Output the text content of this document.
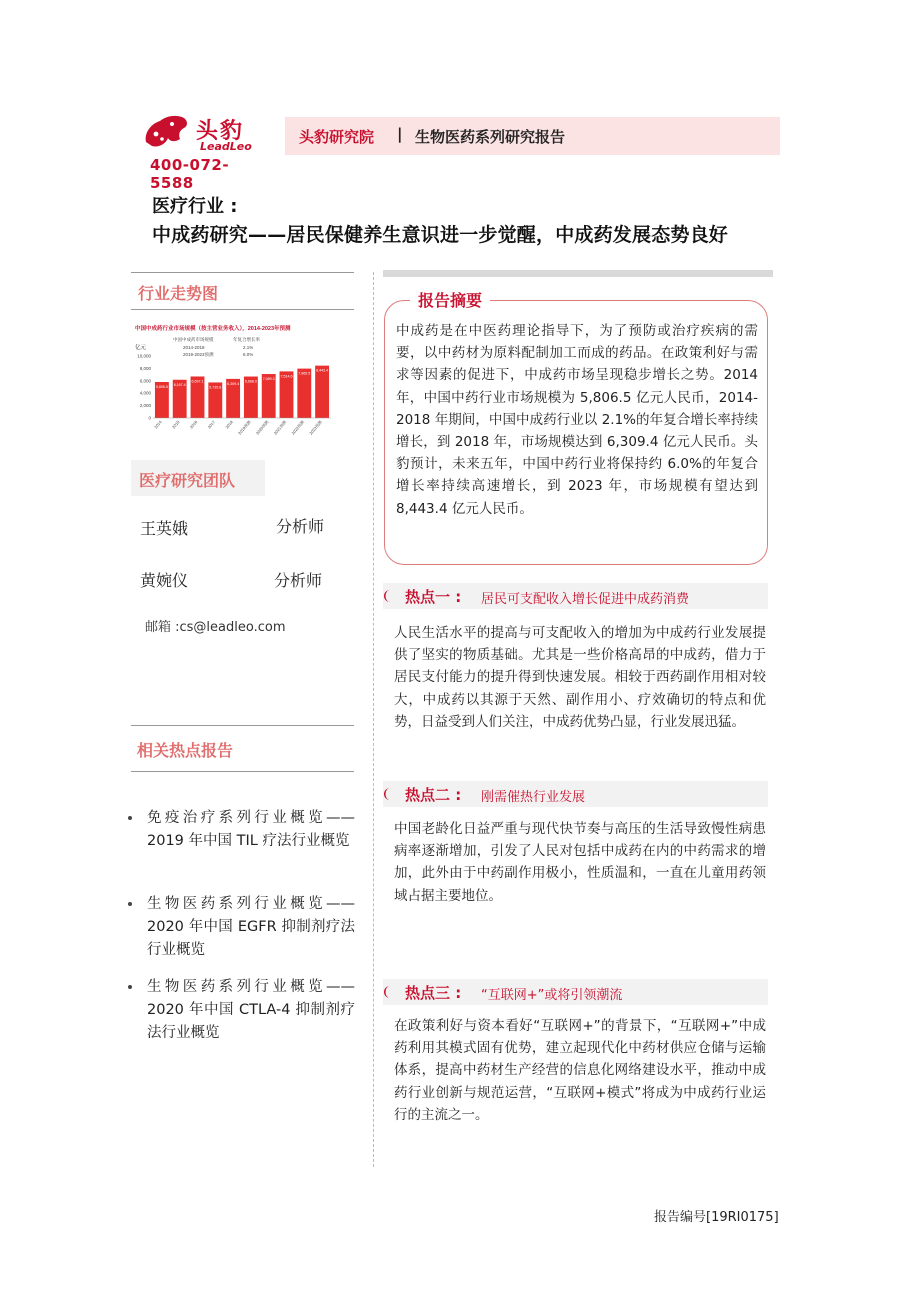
头豹
LeadLeo
400-072-5588
头豹研究院 | 生物医药系列研究报告
医疗行业 :
中成药研究——居民保健养生意识进一步觉醒，中成药发展态势良好
行业走势图
中国中成药行业市场规模（按主营业务收入），2014-2023年预测
亿元
中国中成药市场规模	年复合增长率
2014-2018	2.1%
2019-2023预测	6.0%
10,000
8,000
6,000
4,000
2,000
0
5,806.5
6,167.4
6,697.1
5,735.8
6,309.4
6,688.0
7,089.3
7,514.6
7,965.5
8,443.4
2014 2015 2016 2017 2018 2019预测 2020预测 2021预测 2022预测 2023预测
医疗研究团队
王英娥	分析师
黄婉仪	分析师
邮箱 :cs@leadleo.com
相关热点报告
免疫治疗系列行业概览——2019 年中国 TIL 疗法行业概览
生物医药系列行业概览——2020 年中国 EGFR 抑制剂疗法行业概览
生物医药系列行业概览——2020 年中国 CTLA-4 抑制剂疗法行业概览
报告摘要
中成药是在中医药理论指导下，为了预防或治疗疾病的需要，以中药材为原料配制加工而成的药品。在政策利好与需求等因素的促进下，中成药市场呈现稳步增长之势。2014 年，中国中药行业市场规模为 5,806.5 亿元人民币，2014-2018 年期间，中国中成药行业以 2.1%的年复合增长率持续增长，到 2018 年，市场规模达到 6,309.4 亿元人民币。头豹预计，未来五年，中国中药行业将保持约 6.0%的年复合增长率持续高速增长，到 2023 年，市场规模有望达到 8,443.4 亿元人民币。
热点一 : 居民可支配收入增长促进中成药消费
人民生活水平的提高与可支配收入的增加为中成药行业发展提供了坚实的物质基础。尤其是一些价格高昂的中成药，借力于居民支付能力的提升得到快速发展。相较于西药副作用相对较大，中成药以其源于天然、副作用小、疗效确切的特点和优势，日益受到人们关注，中成药优势凸显，行业发展迅猛。
热点二 : 刚需催热行业发展
中国老龄化日益严重与现代快节奏与高压的生活导致慢性病患病率逐渐增加，引发了人民对包括中成药在内的中药需求的增加，此外由于中药副作用极小，性质温和，一直在儿童用药领域占据主要地位。
热点三 : “互联网+”或将引领潮流
在政策利好与资本看好“互联网+”的背景下，“互联网+”中成药利用其模式固有优势，建立起现代化中药材供应仓储与运输体系，提高中药材生产经营的信息化网络建设水平，推动中成药行业创新与规范运营，“互联网+模式”将成为中成药行业运行的主流之一。
报告编号[19RI0175]
